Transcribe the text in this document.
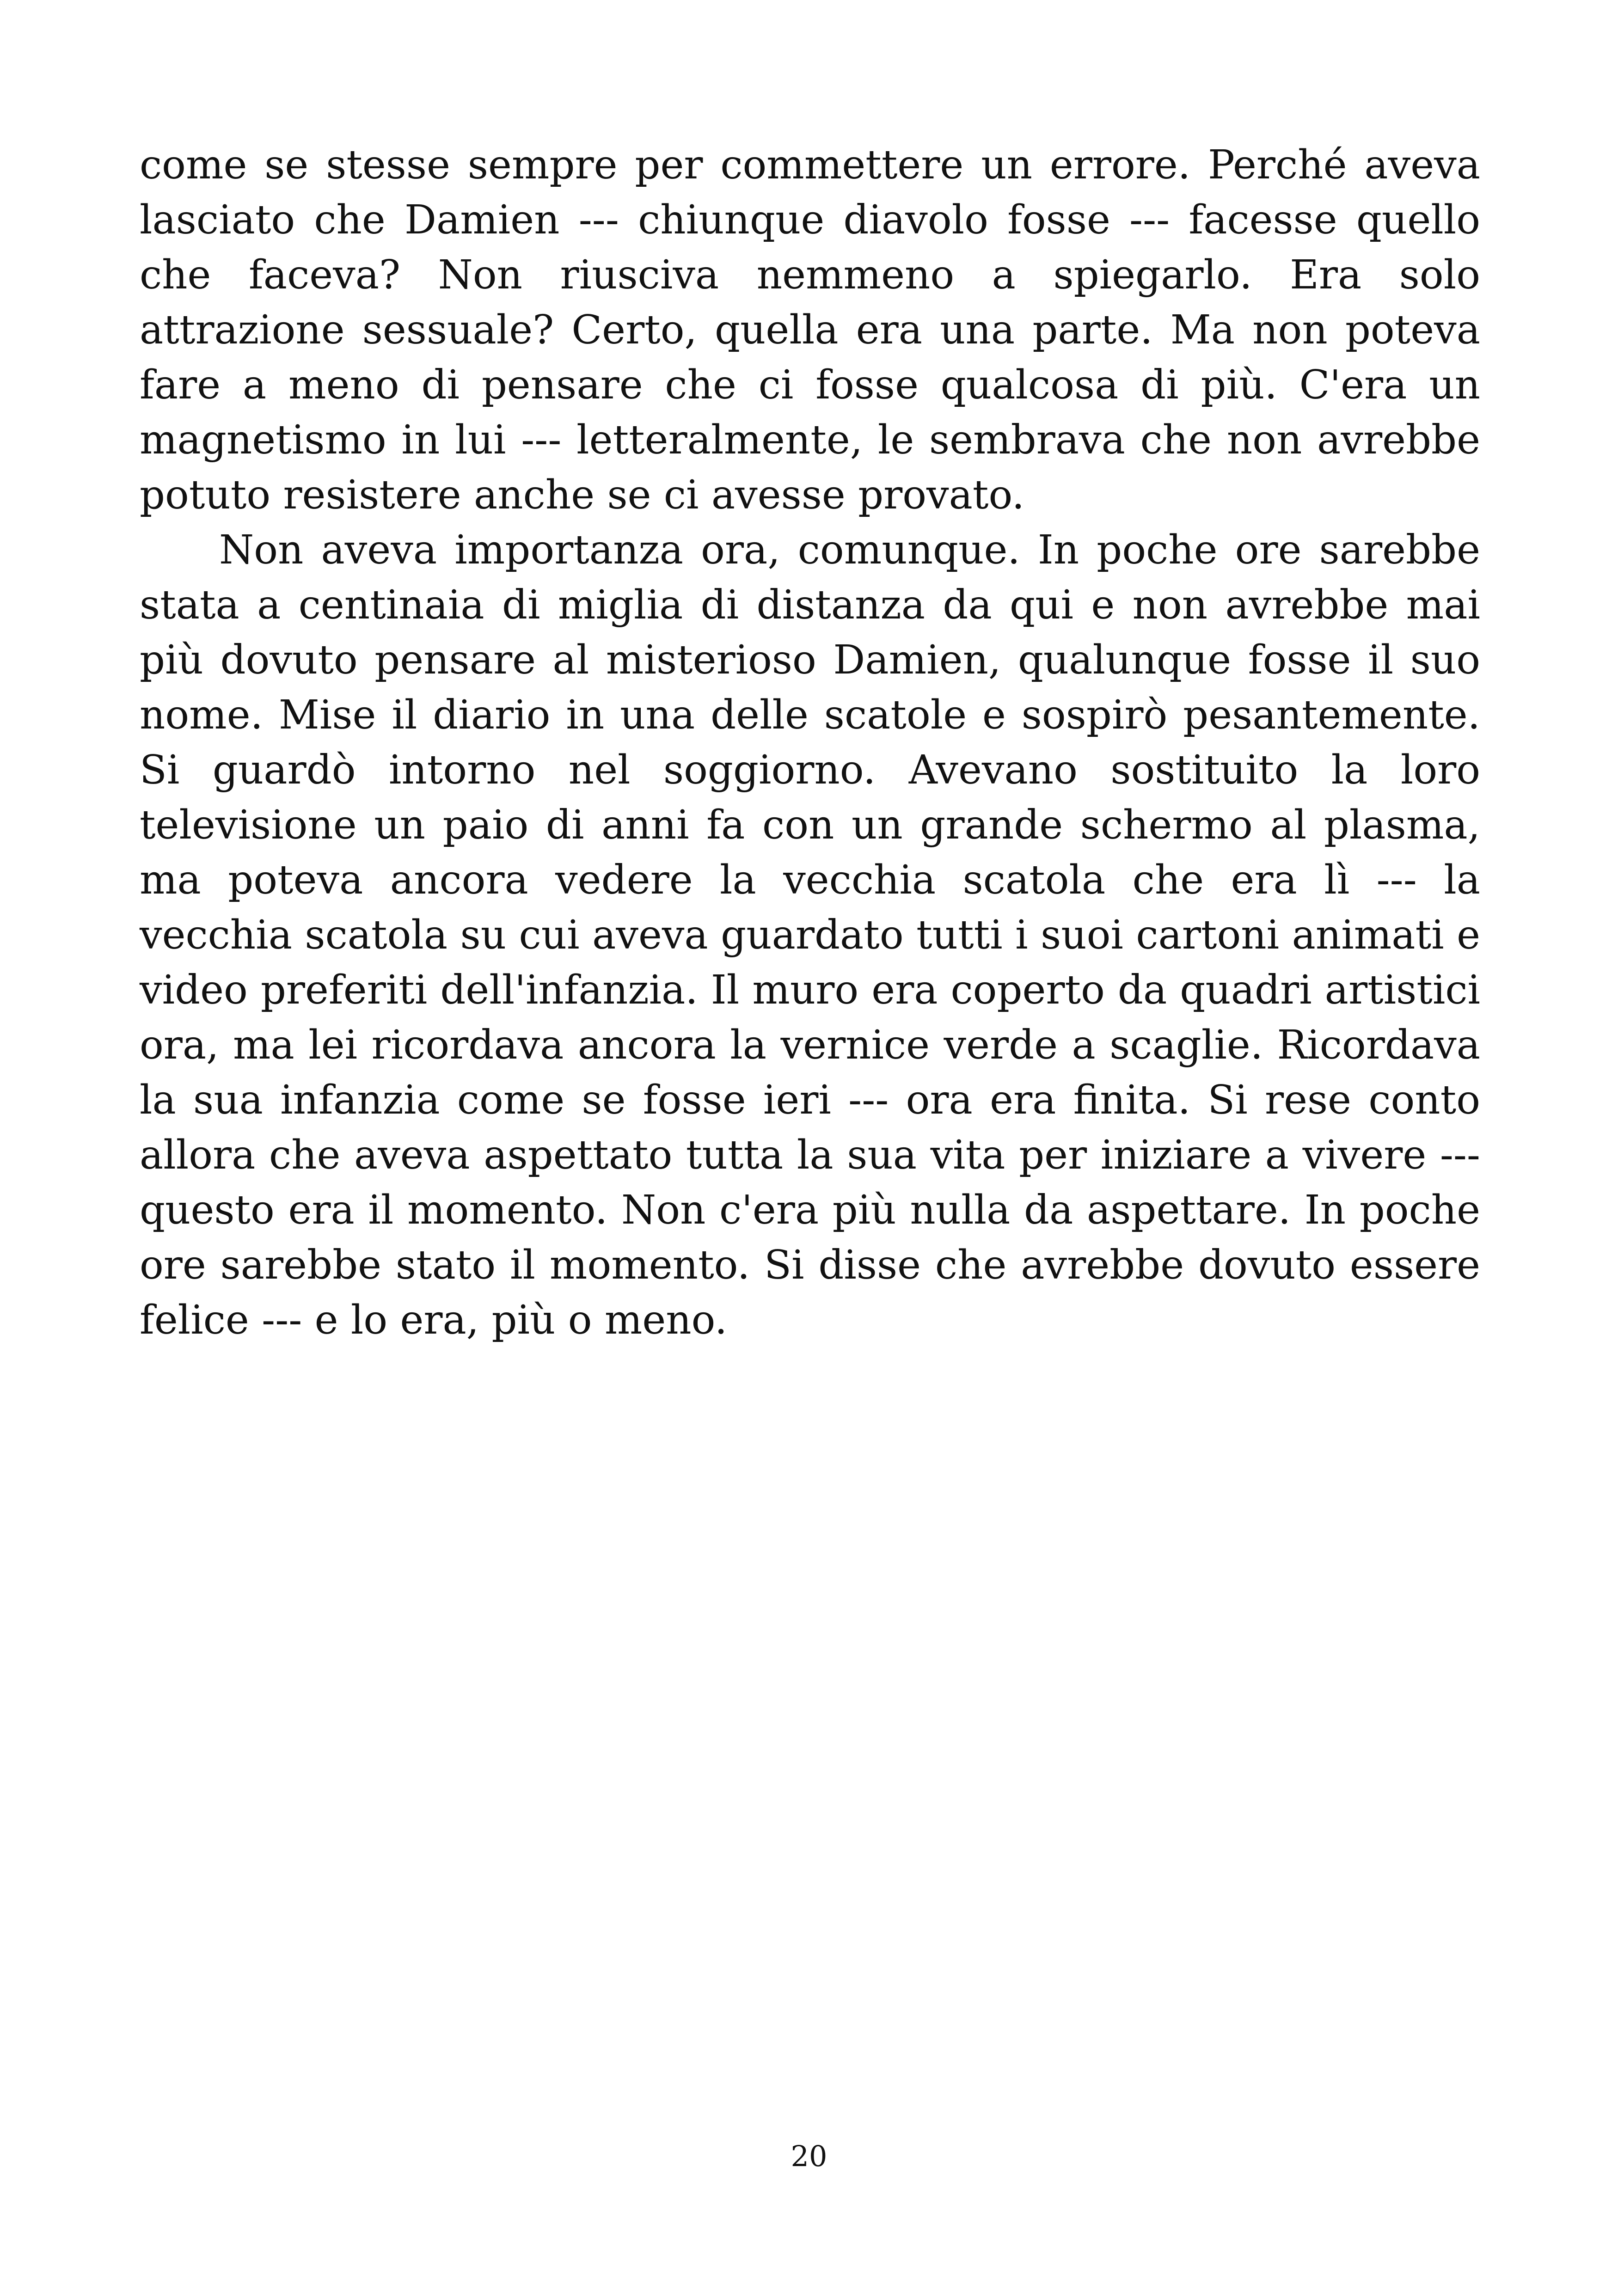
come se stesse sempre per commettere un errore. Perché aveva lasciato che Damien --- chiunque diavolo fosse --- facesse quello che faceva? Non riusciva nemmeno a spiegarlo. Era solo attrazione sessuale? Certo, quella era una parte. Ma non poteva fare a meno di pensare che ci fosse qualcosa di più. C'era un magnetismo in lui --- letteralmente, le sembrava che non avrebbe potuto resistere anche se ci avesse provato.

Non aveva importanza ora, comunque. In poche ore sarebbe stata a centinaia di miglia di distanza da qui e non avrebbe mai più dovuto pensare al misterioso Damien, qualunque fosse il suo nome. Mise il diario in una delle scatole e sospirò pesantemente. Si guardò intorno nel soggiorno. Avevano sostituito la loro televisione un paio di anni fa con un grande schermo al plasma, ma poteva ancora vedere la vecchia scatola che era lì --- la vecchia scatola su cui aveva guardato tutti i suoi cartoni animati e video preferiti dell'infanzia. Il muro era coperto da quadri artistici ora, ma lei ricordava ancora la vernice verde a scaglie. Ricordava la sua infanzia come se fosse ieri --- ora era finita. Si rese conto allora che aveva aspettato tutta la sua vita per iniziare a vivere --- questo era il momento. Non c'era più nulla da aspettare. In poche ore sarebbe stato il momento. Si disse che avrebbe dovuto essere felice --- e lo era, più o meno.

20
